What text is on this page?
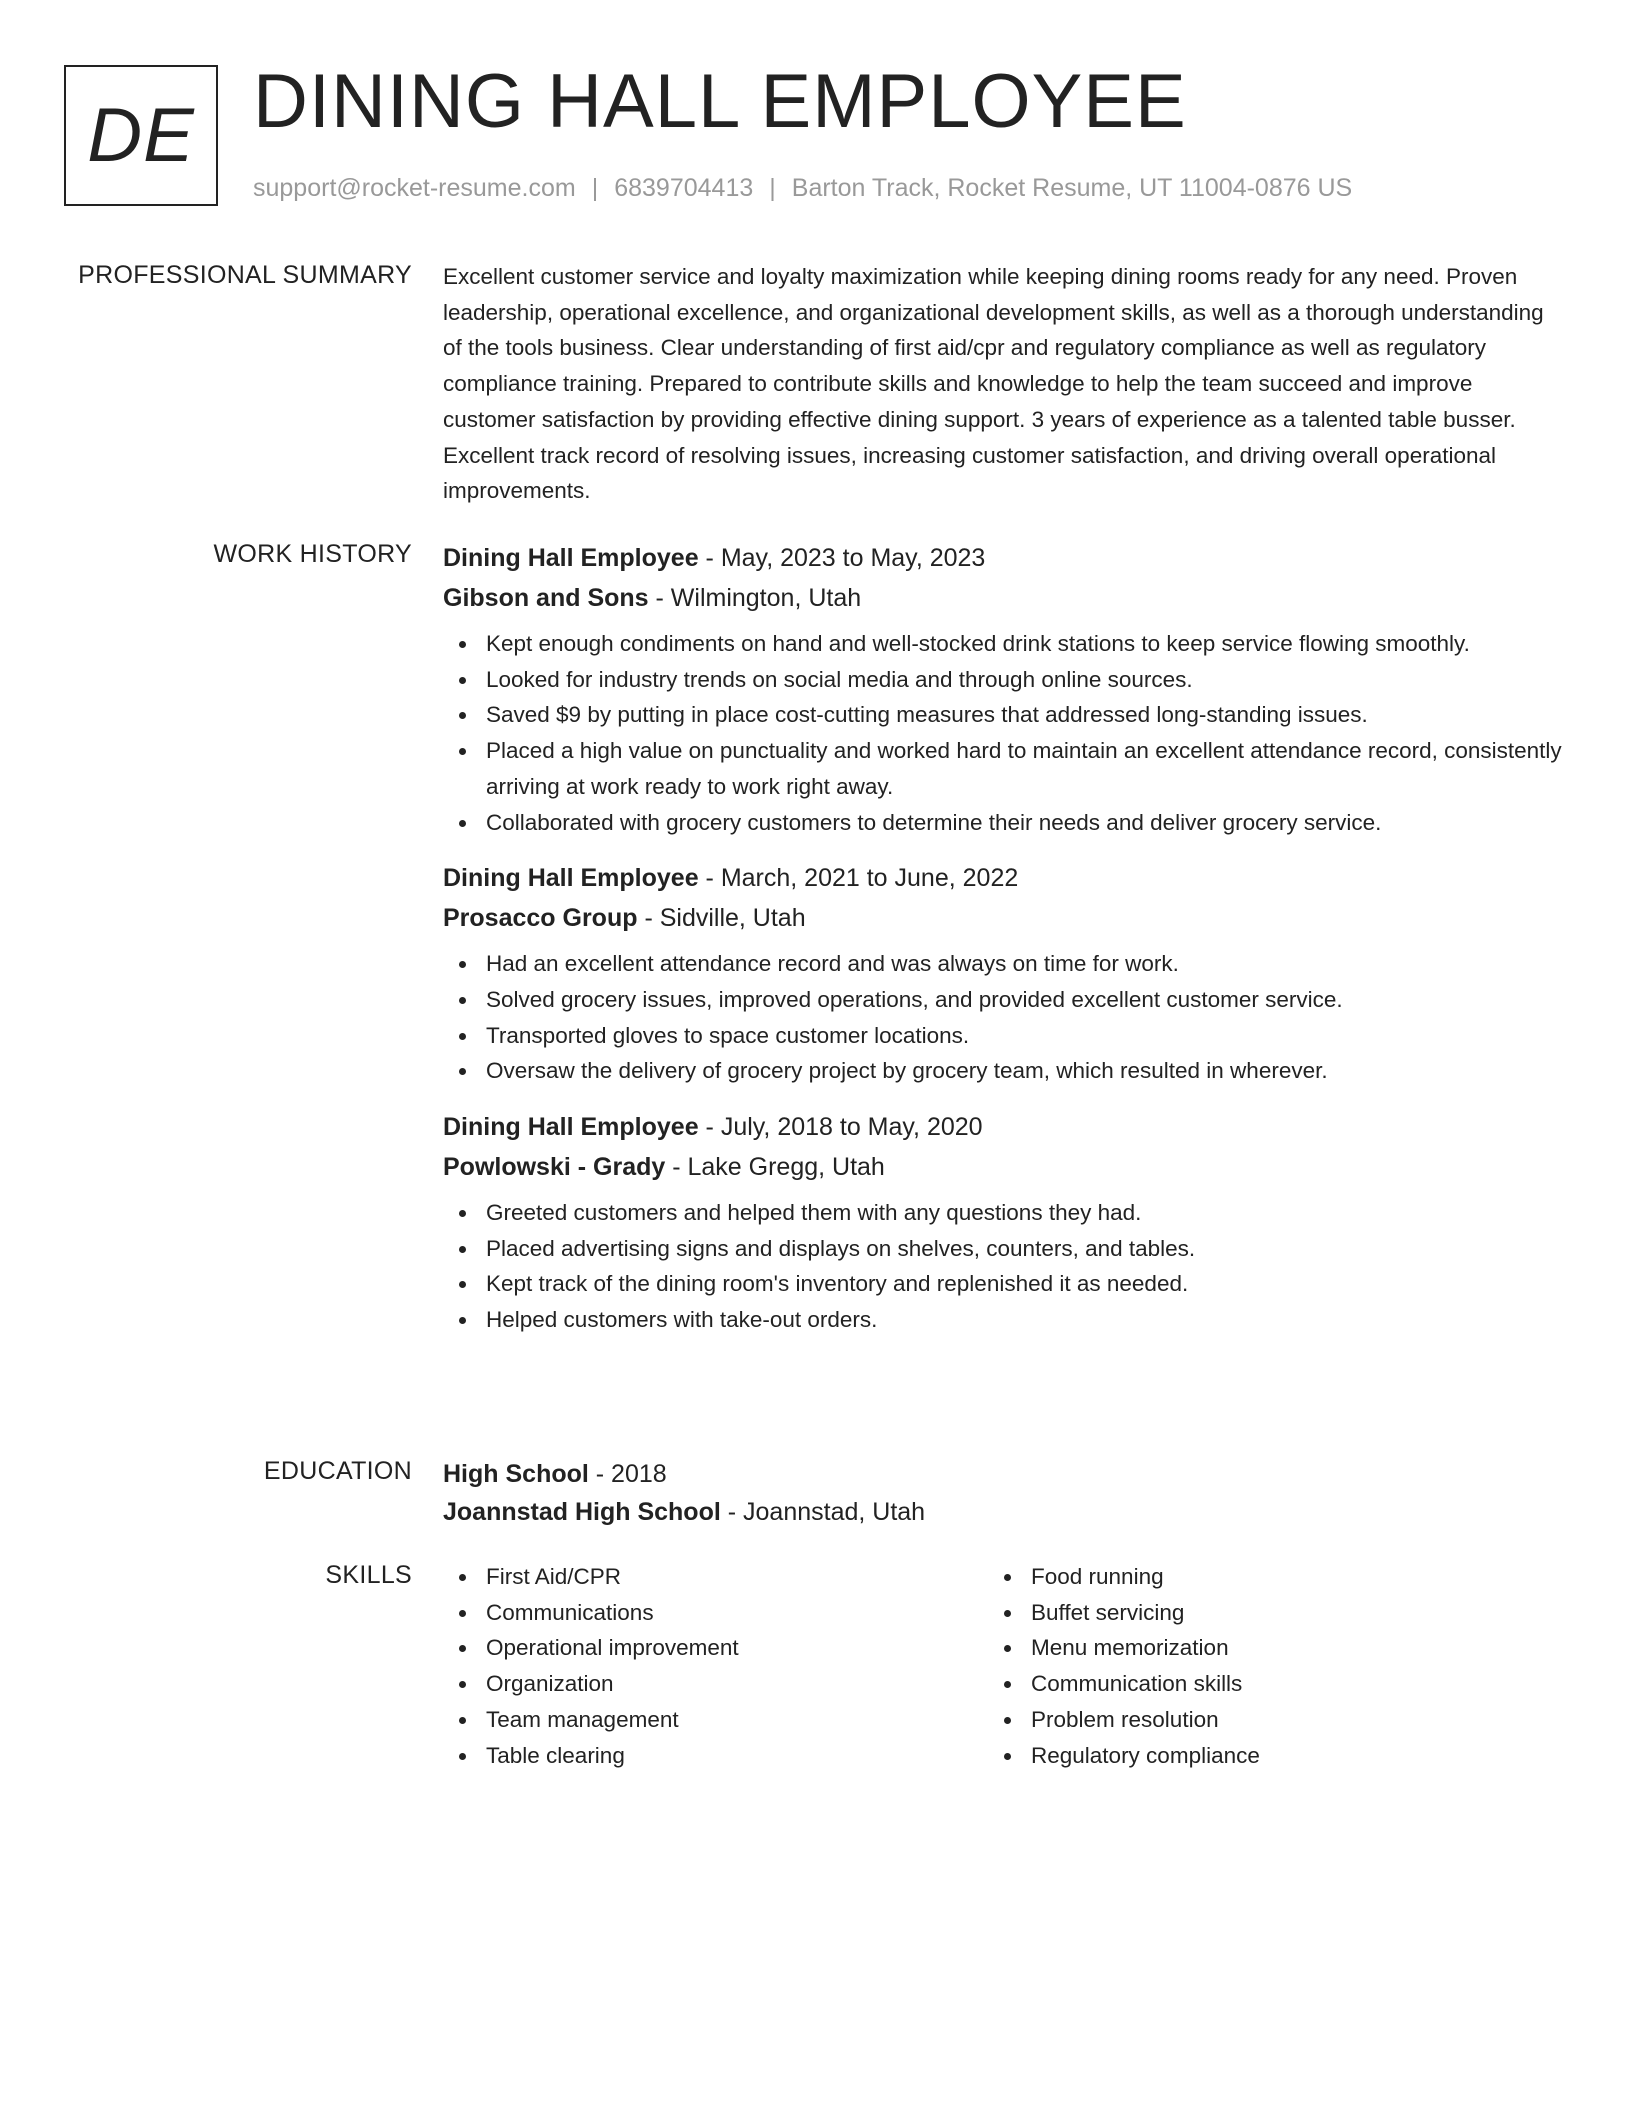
DE DINING HALL EMPLOYEE
support@rocket-resume.com | 6839704413 | Barton Track, Rocket Resume, UT 11004-0876 US
PROFESSIONAL SUMMARY Excellent customer service and loyalty maximization while keeping dining rooms ready for any need. Proven leadership, operational excellence, and organizational development skills, as well as a thorough understanding of the tools business. Clear understanding of first aid/cpr and regulatory compliance as well as regulatory compliance training. Prepared to contribute skills and knowledge to help the team succeed and improve customer satisfaction by providing effective dining support. 3 years of experience as a talented table busser. Excellent track record of resolving issues, increasing customer satisfaction, and driving overall operational improvements.

WORK HISTORY Dining Hall Employee - May, 2023 to May, 2023
Gibson and Sons - Wilmington, Utah
Kept enough condiments on hand and well-stocked drink stations to keep service flowing smoothly.
Looked for industry trends on social media and through online sources.
Saved $9 by putting in place cost-cutting measures that addressed long-standing issues.
Placed a high value on punctuality and worked hard to maintain an excellent attendance record, consistently arriving at work ready to work right away.
Collaborated with grocery customers to determine their needs and deliver grocery service.
Dining Hall Employee - March, 2021 to June, 2022
Prosacco Group - Sidville, Utah
Had an excellent attendance record and was always on time for work.
Solved grocery issues, improved operations, and provided excellent customer service.
Transported gloves to space customer locations.
Oversaw the delivery of grocery project by grocery team, which resulted in wherever.
Dining Hall Employee - July, 2018 to May, 2020
Powlowski - Grady - Lake Gregg, Utah
Greeted customers and helped them with any questions they had.
Placed advertising signs and displays on shelves, counters, and tables.
Kept track of the dining room's inventory and replenished it as needed.
Helped customers with take-out orders.
EDUCATION High School - 2018
Joannstad High School - Joannstad, Utah
SKILLS	First Aid/CPR
Communications
Operational improvement
Organization
Team management
Table clearing
Food running
Buffet servicing
Menu memorization
Communication skills
Problem resolution
Regulatory compliance
